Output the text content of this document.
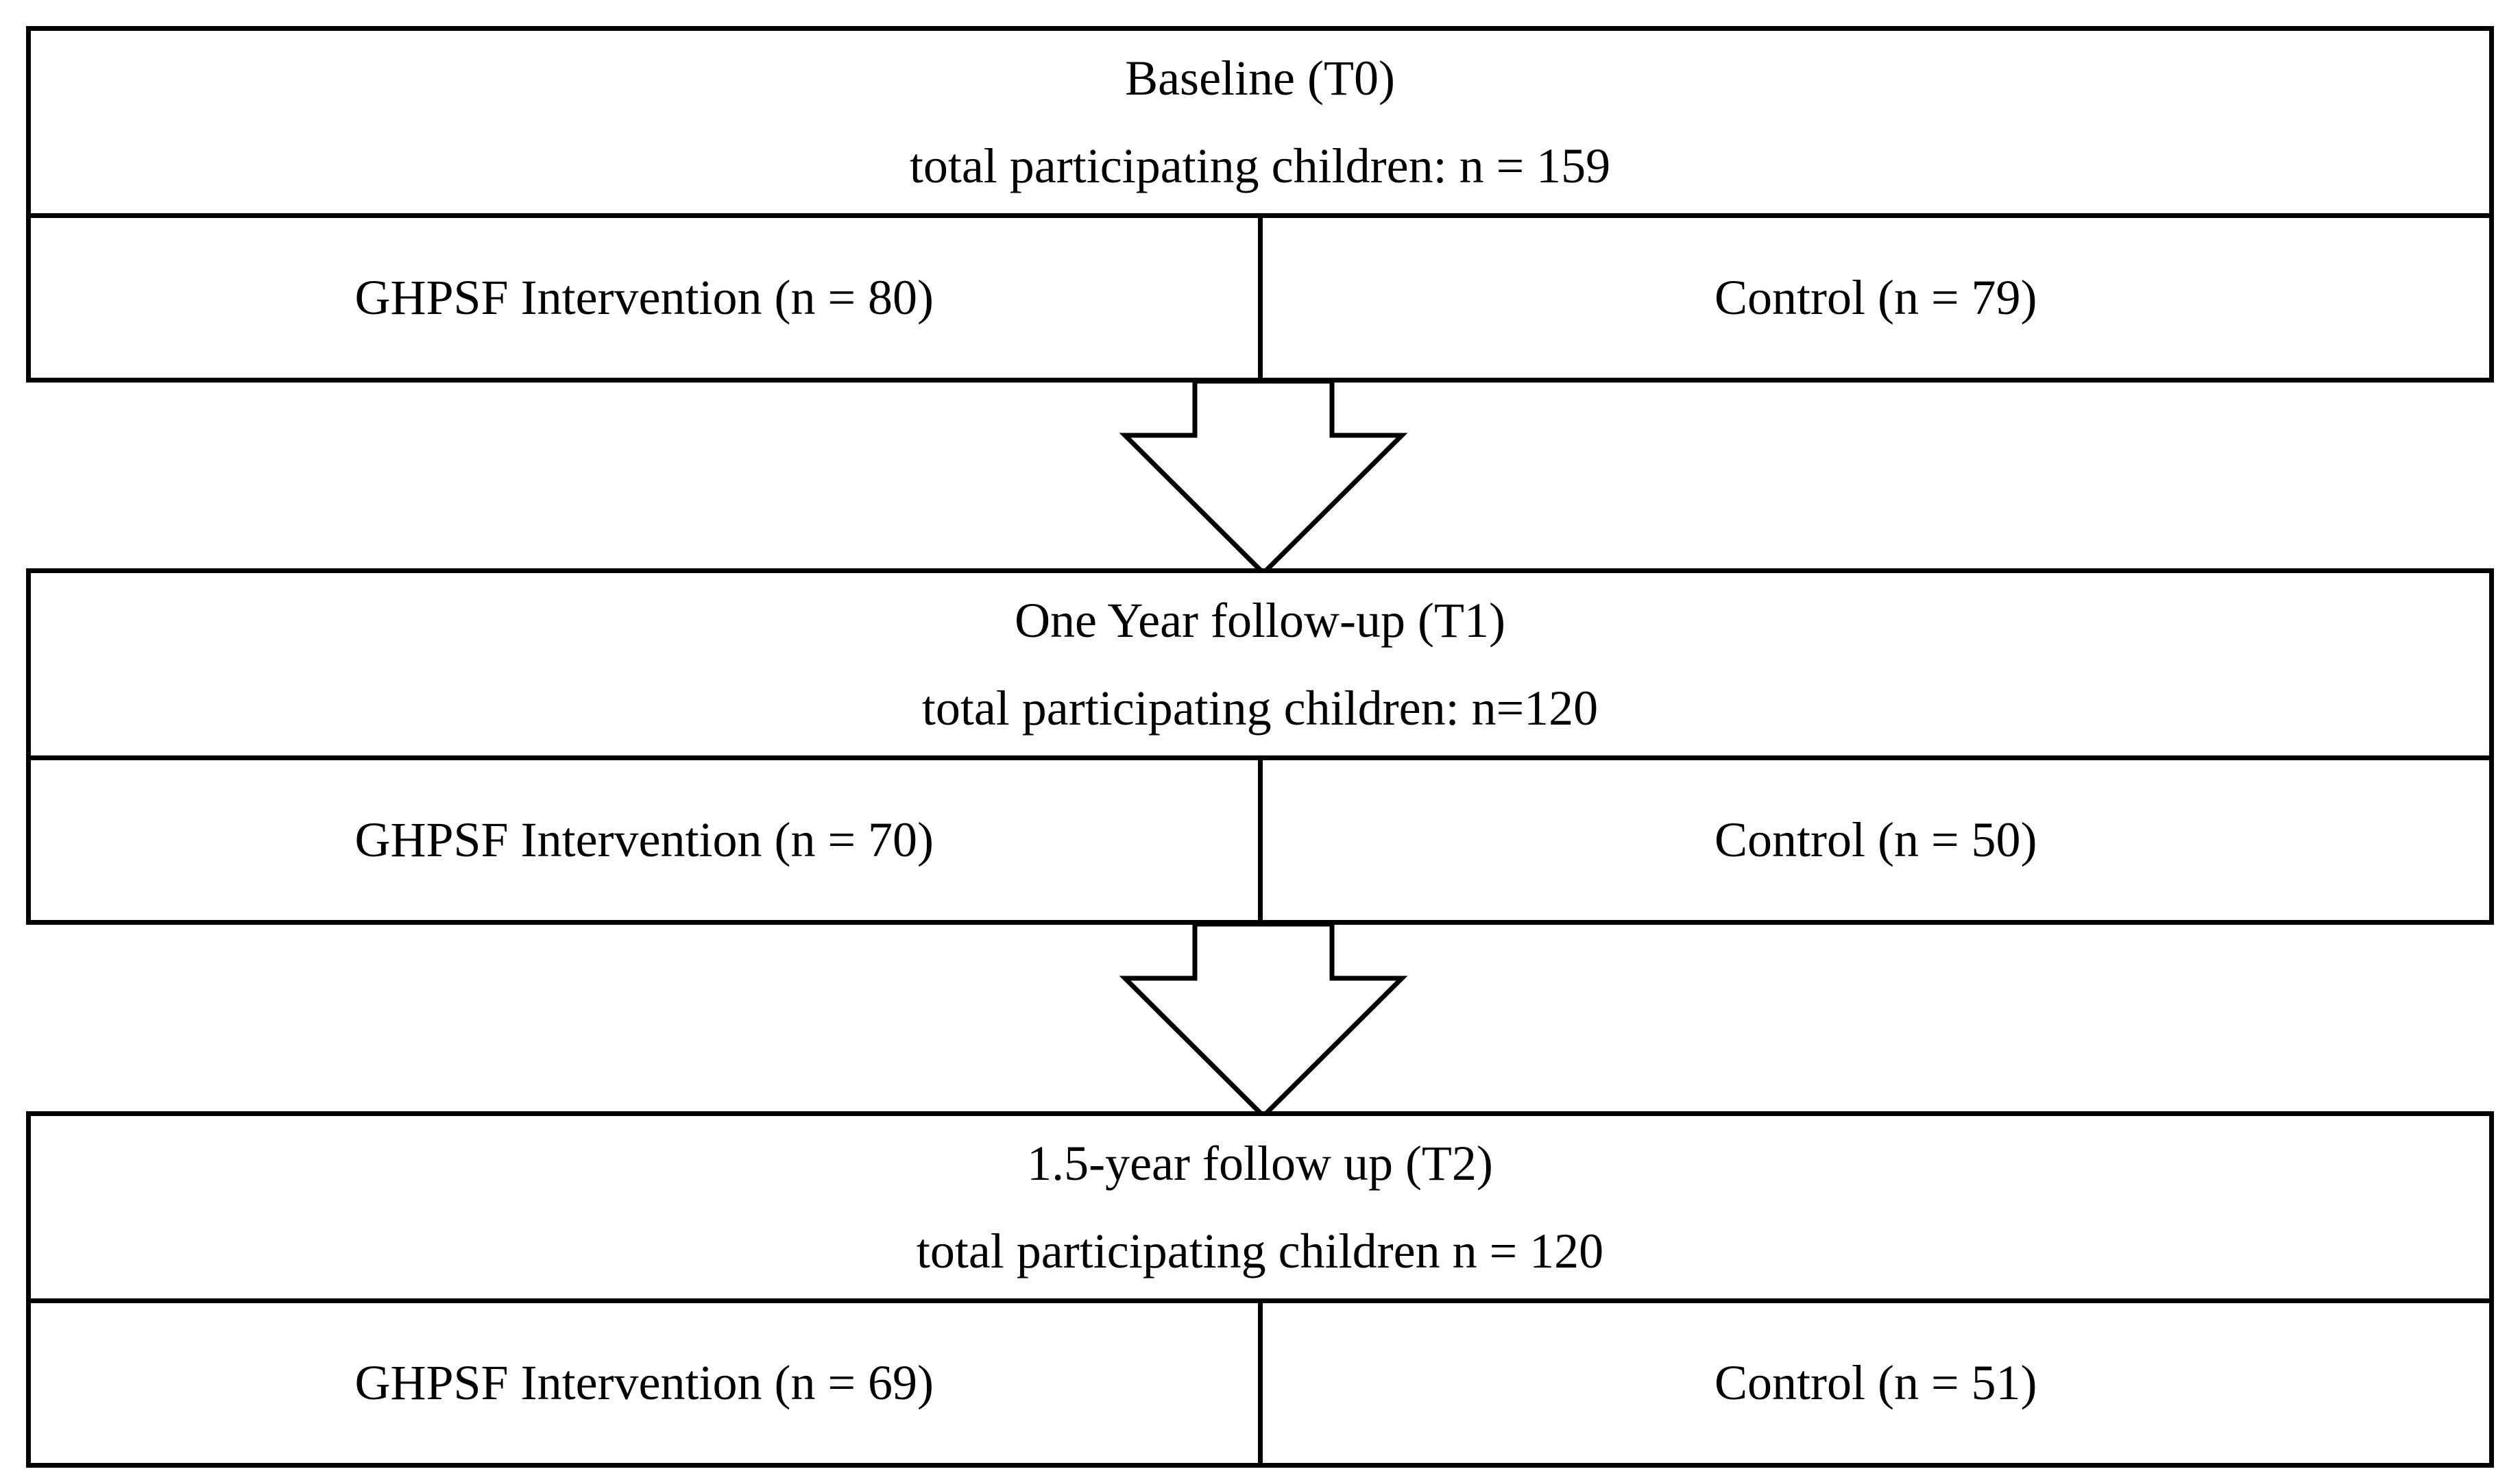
Baseline (T0)
total participating children: n = 159
GHPSF Intervention (n = 80)	Control (n = 79)
One Year follow-up (T1)
total participating children: n=120
GHPSF Intervention (n = 70)	Control (n = 50)
1.5-year follow up (T2)
total participating children n = 120
GHPSF Intervention (n = 69)	Control (n = 51)
